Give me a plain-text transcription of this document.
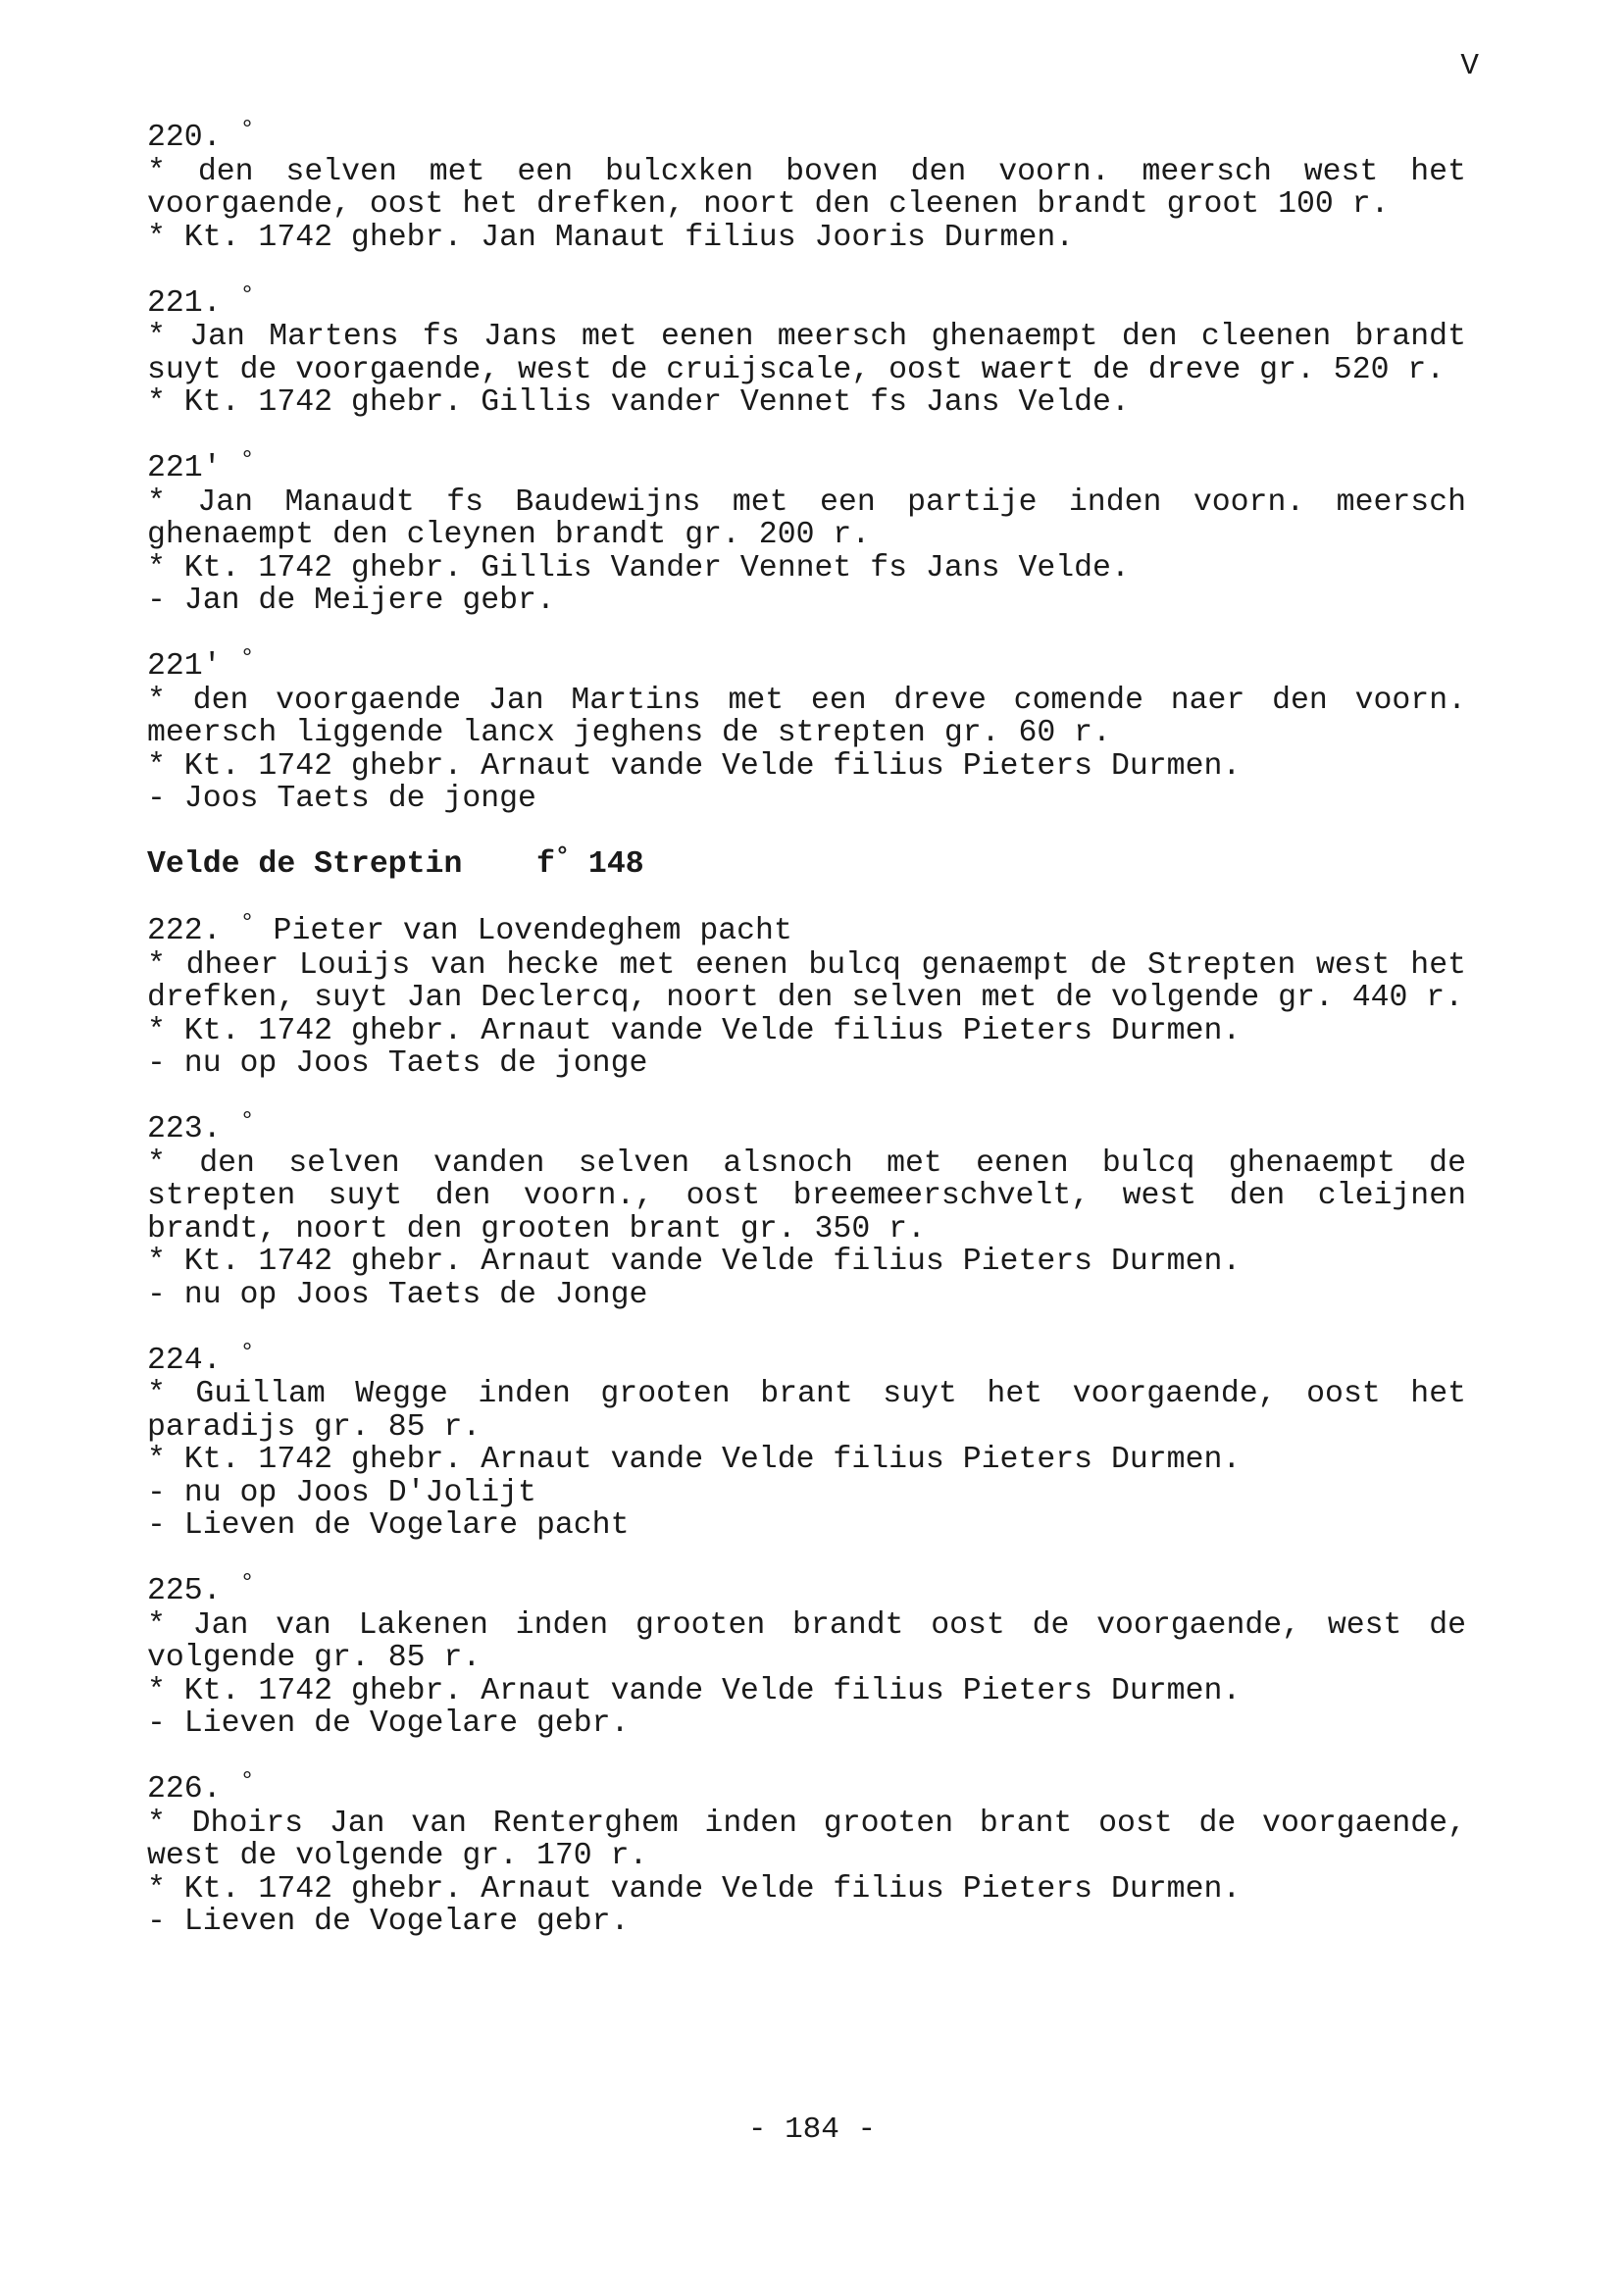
V
220. °
* den selven met een bulcxken boven den voorn. meersch west het voorgaende, oost het drefken, noort den cleenen brandt groot 100 r.
* Kt. 1742 ghebr. Jan Manaut filius Jooris Durmen.
221. °
* Jan Martens fs Jans met eenen meersch ghenaempt den cleenen brandt suyt de voorgaende, west de cruijscale, oost waert de dreve gr. 520 r.
* Kt. 1742 ghebr. Gillis vander Vennet fs Jans Velde.
221' °
* Jan Manaudt fs Baudewijns met een partije inden voorn. meersch ghenaempt den cleynen brandt gr. 200 r.
* Kt. 1742 ghebr. Gillis Vander Vennet fs Jans Velde.
- Jan de Meijere gebr.
221' °
* den voorgaende Jan Martins met een dreve comende naer den voorn. meersch liggende lancx jeghens de strepten gr. 60 r.
* Kt. 1742 ghebr. Arnaut vande Velde filius Pieters Durmen.
- Joos Taets de jonge
Velde de Streptin f° 148
222. ° Pieter van Lovendeghem pacht
* dheer Louijs van hecke met eenen bulcq genaempt de Strepten west het drefken, suyt Jan Declercq, noort den selven met de volgende gr. 440 r.
* Kt. 1742 ghebr. Arnaut vande Velde filius Pieters Durmen.
- nu op Joos Taets de jonge
223. °
* den selven vanden selven alsnoch met eenen bulcq ghenaempt de strepten suyt den voorn., oost breemeerschvelt, west den cleijnen brandt, noort den grooten brant gr. 350 r.
* Kt. 1742 ghebr. Arnaut vande Velde filius Pieters Durmen.
- nu op Joos Taets de Jonge
224. °
* Guillam Wegge inden grooten brant suyt het voorgaende, oost het paradijs gr. 85 r.
* Kt. 1742 ghebr. Arnaut vande Velde filius Pieters Durmen.
- nu op Joos D'Jolijt
- Lieven de Vogelare pacht
225. °
* Jan van Lakenen inden grooten brandt oost de voorgaende, west de volgende gr. 85 r.
* Kt. 1742 ghebr. Arnaut vande Velde filius Pieters Durmen.
- Lieven de Vogelare gebr.
226. °
* Dhoirs Jan van Renterghem inden grooten brant oost de voorgaende, west de volgende gr. 170 r.
* Kt. 1742 ghebr. Arnaut vande Velde filius Pieters Durmen.
- Lieven de Vogelare gebr.
- 184 -
